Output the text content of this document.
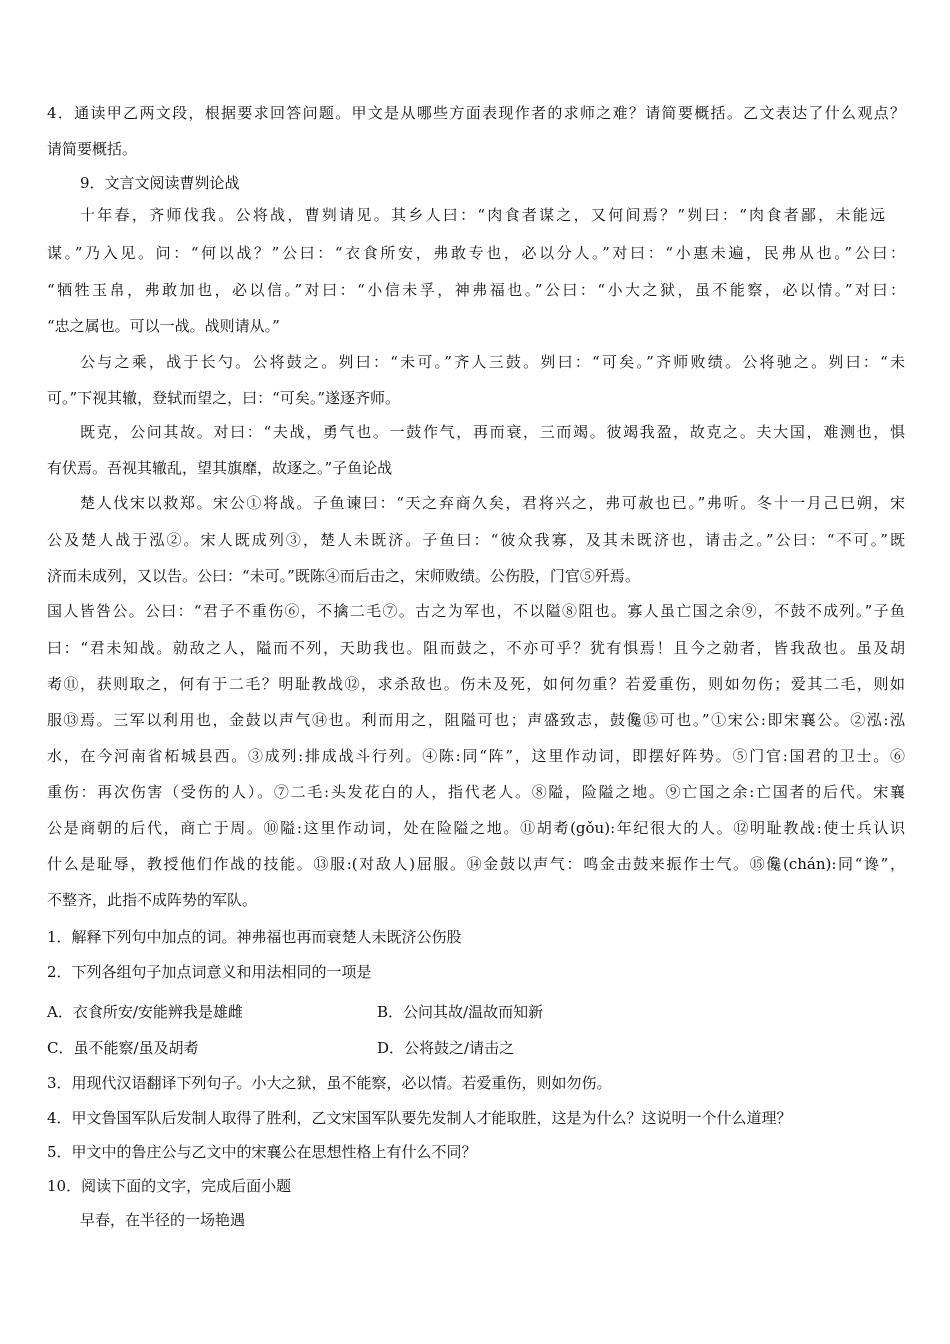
4．通读甲乙两文段，根据要求回答问题。甲文是从哪些方面表现作者的求师之难？请简要概括。乙文表达了什么观点？
请简要概括。
9．文言文阅读曹刿论战
十年春，齐师伐我。公将战，曹刿请见。其乡人曰：“肉食者谋之，又何间焉？”刿曰：“肉食者鄙，未能远
谋。”乃入见。问：“何以战？”公曰：“衣食所安，弗敢专也，必以分人。”对曰：“小惠未遍，民弗从也。”公曰：
“牺牲玉帛，弗敢加也，必以信。”对曰：“小信未孚，神弗福也。”公曰：“小大之狱，虽不能察，必以情。”对曰：
“忠之属也。可以一战。战则请从。”
公与之乘，战于长勺。公将鼓之。刿曰：“未可。”齐人三鼓。刿曰：“可矣。”齐师败绩。公将驰之。刿曰：“未
可。”下视其辙，登轼而望之，曰：“可矣。”遂逐齐师。
既克，公问其故。对曰：“夫战，勇气也。一鼓作气，再而衰，三而竭。彼竭我盈，故克之。夫大国，难测也，惧
有伏焉。吾视其辙乱，望其旗靡，故逐之。”子鱼论战
楚人伐宋以救郑。宋公①将战。子鱼谏曰：“天之弃商久矣，君将兴之，弗可赦也已。”弗听。冬十一月己巳朔，宋
公及楚人战于泓②。宋人既成列③，楚人未既济。子鱼曰：“彼众我寡，及其未既济也，请击之。”公曰：“不可。”既
济而未成列，又以告。公曰：“未可。”既陈④而后击之，宋师败绩。公伤股，门官⑤歼焉。
国人皆咎公。公曰：“君子不重伤⑥，不擒二毛⑦。古之为军也，不以隘⑧阻也。寡人虽亡国之余⑨，不鼓不成列。”子鱼
曰：“君未知战。勍敌之人，隘而不列，天助我也。阻而鼓之，不亦可乎？犹有惧焉！且今之勍者，皆我敌也。虽及胡
耇⑪，获则取之，何有于二毛？明耻教战⑫，求杀敌也。伤未及死，如何勿重？若爱重伤，则如勿伤；爱其二毛，则如
服⑬焉。三军以利用也，金鼓以声气⑭也。利而用之，阻隘可也；声盛致志，鼓儳⑮可也。”①宋公:即宋襄公。②泓:泓
水，在今河南省柘城县西。③成列:排成战斗行列。④陈:同“阵”，这里作动词，即摆好阵势。⑤门官:国君的卫士。⑥
重伤：再次伤害（受伤的人）。⑦二毛:头发花白的人，指代老人。⑧隘，险隘之地。⑨亡国之余:亡国者的后代。宋襄
公是商朝的后代，商亡于周。⑩隘:这里作动词，处在险隘之地。⑪胡耇(gǒu):年纪很大的人。⑫明耻教战:使士兵认识
什么是耻辱，教授他们作战的技能。⑬服:(对敌人)屈服。⑭金鼓以声气：鸣金击鼓来振作士气。⑮儳(chán):同“谗”，
不整齐，此指不成阵势的军队。
1．解释下列句中加点的词。神弗福也再而衰楚人未既济公伤股
2．下列各组句子加点词意义和用法相同的一项是
A．衣食所安/安能辨我是雄雌	B．公问其故/温故而知新
C．虽不能察/虽及胡耇	D．公将鼓之/请击之
3．用现代汉语翻译下列句子。小大之狱，虽不能察，必以情。若爱重伤，则如勿伤。
4．甲文鲁国军队后发制人取得了胜利，乙文宋国军队要先发制人才能取胜，这是为什么？这说明一个什么道理？
5．甲文中的鲁庄公与乙文中的宋襄公在思想性格上有什么不同？
10．阅读下面的文字，完成后面小题
早春，在半径的一场艳遇
